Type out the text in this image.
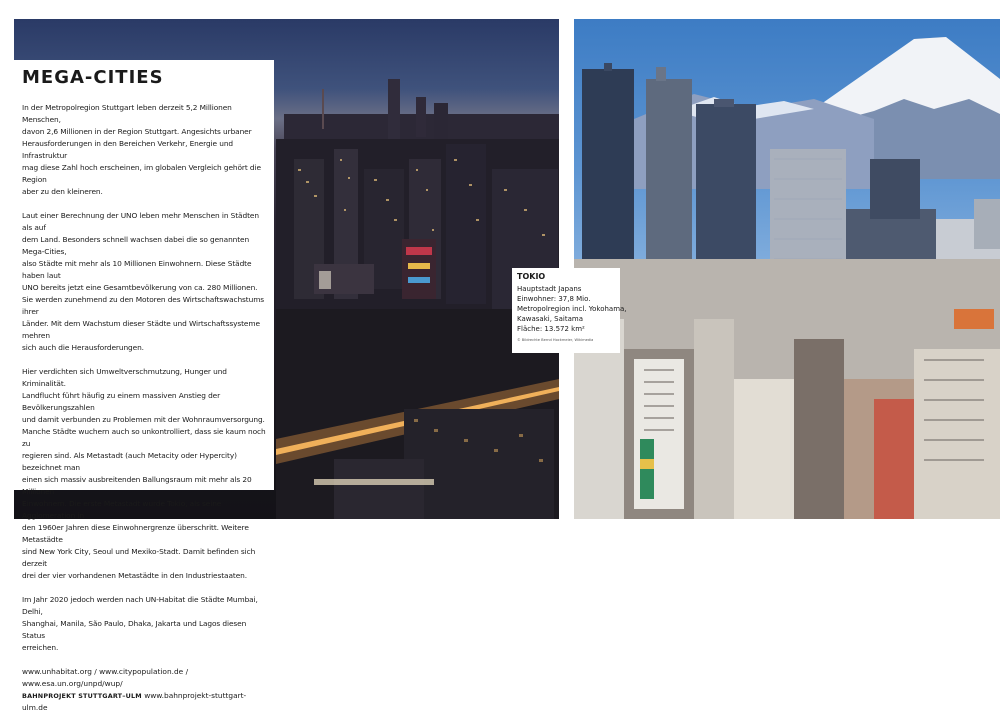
MEGA-CITIES

In der Metropolregion Stuttgart leben derzeit 5,2 Millionen Menschen,
davon 2,6 Millionen in der Region Stuttgart. Angesichts urbaner
Herausforderungen in den Bereichen Verkehr, Energie und Infrastruktur
mag diese Zahl hoch erscheinen, im globalen Vergleich gehört die Region
aber zu den kleineren.

Laut einer Berechnung der UNO leben mehr Menschen in Städten als auf
dem Land. Besonders schnell wachsen dabei die so genannten Mega-Cities,
also Städte mit mehr als 10 Millionen Einwohnern. Diese Städte haben laut
UNO bereits jetzt eine Gesamtbevölkerung von ca. 280 Millionen.
Sie werden zunehmend zu den Motoren des Wirtschaftswachstums ihrer
Länder. Mit dem Wachstum dieser Städte und Wirtschaftssysteme mehren
sich auch die Herausforderungen.

Hier verdichten sich Umweltverschmutzung, Hunger und Kriminalität.
Landflucht führt häufig zu einem massiven Anstieg der Bevölkerungszahlen
und damit verbunden zu Problemen mit der Wohnraumversorgung.
Manche Städte wuchern auch so unkontrolliert, dass sie kaum noch zu
regieren sind. Als Metastadt (auch Metacity oder Hypercity) bezeichnet man
einen sich massiv ausbreitenden Ballungsraum mit mehr als 20 Millionen
Einwohnern. Die erste Metastadt wurde Tokio, als seine Agglomeration in
den 1960er Jahren diese Einwohnergrenze überschritt. Weitere Metastädte
sind New York City, Seoul und Mexiko-Stadt. Damit befinden sich derzeit
drei der vier vorhandenen Metastädte in den Industriestaaten.

Im Jahr 2020 jedoch werden nach UN-Habitat die Städte Mumbai, Delhi,
Shanghai, Manila, São Paulo, Dhaka, Jakarta und Lagos diesen Status
erreichen.

www.unhabitat.org / www.citypopulation.de / www.esa.un.org/unpd/wup/
BAHNPROJEKT STUTTGART–ULM www.bahnprojekt-stuttgart-ulm.de
TOKIO
Hauptstadt Japans
Einwohner: 37,8 Mio.
Metropolregion incl. Yokohama,
Kawasaki, Saitama
Fläche: 13.572 km²
© Bildrechte Bernd Hockmeier, Wikimedia
